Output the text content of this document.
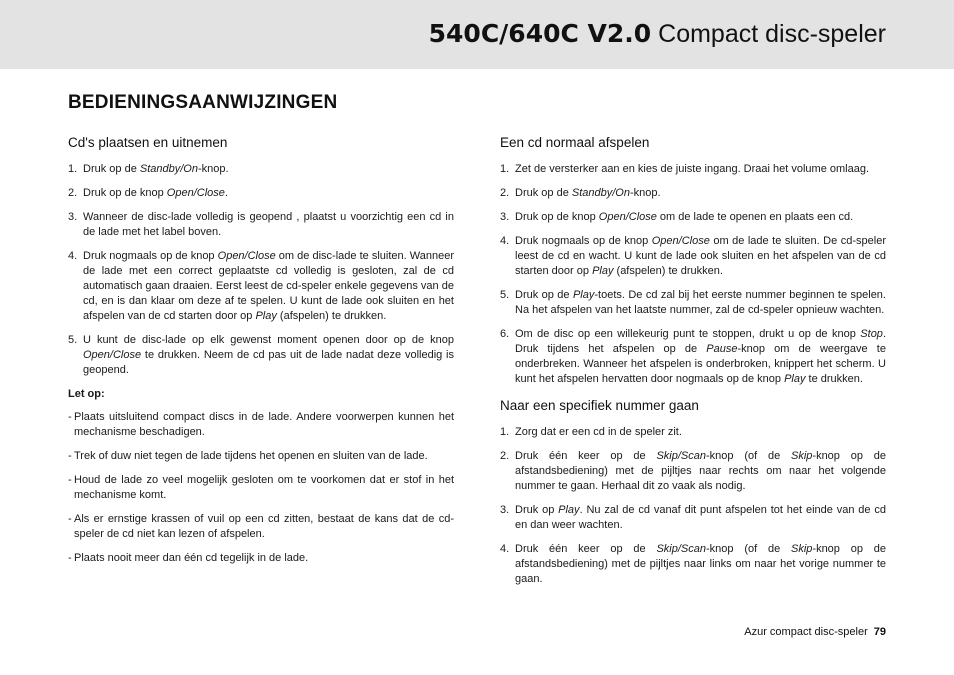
540C/640C V2.0 Compact disc-speler
BEDIENINGSAANWIJZINGEN
Cd's plaatsen en uitnemen
1. Druk op de Standby/On-knop.
2. Druk op de knop Open/Close.
3. Wanneer de disc-lade volledig is geopend , plaatst u voorzichtig een cd in de lade met het label boven.
4. Druk nogmaals op de knop Open/Close om de disc-lade te sluiten. Wanneer de lade met een correct geplaatste cd volledig is gesloten, zal de cd automatisch gaan draaien. Eerst leest de cd-speler enkele gegevens van de cd, en is dan klaar om deze af te spelen. U kunt de lade ook sluiten en het afspelen van de cd starten door op Play (afspelen) te drukken.
5. U kunt de disc-lade op elk gewenst moment openen door op de knop Open/Close te drukken. Neem de cd pas uit de lade nadat deze volledig is geopend.
Let op:
- Plaats uitsluitend compact discs in de lade. Andere voorwerpen kunnen het mechanisme beschadigen.
- Trek of duw niet tegen de lade tijdens het openen en sluiten van de lade.
- Houd de lade zo veel mogelijk gesloten om te voorkomen dat er stof in het mechanisme komt.
- Als er ernstige krassen of vuil op een cd zitten, bestaat de kans dat de cd-speler de cd niet kan lezen of afspelen.
- Plaats nooit meer dan één cd tegelijk in de lade.
Een cd normaal afspelen
1. Zet de versterker aan en kies de juiste ingang. Draai het volume omlaag.
2. Druk op de Standby/On-knop.
3. Druk op de knop Open/Close om de lade te openen en plaats een cd.
4. Druk nogmaals op de knop Open/Close om de lade te sluiten. De cd-speler leest de cd en wacht. U kunt de lade ook sluiten en het afspelen van de cd starten door op Play (afspelen) te drukken.
5. Druk op de Play-toets. De cd zal bij het eerste nummer beginnen te spelen. Na het afspelen van het laatste nummer, zal de cd-speler opnieuw wachten.
6. Om de disc op een willekeurig punt te stoppen, drukt u op de knop Stop. Druk tijdens het afspelen op de Pause-knop om de weergave te onderbreken. Wanneer het afspelen is onderbroken, knippert het scherm. U kunt het afspelen hervatten door nogmaals op de knop Play te drukken.
Naar een specifiek nummer gaan
1. Zorg dat er een cd in de speler zit.
2. Druk één keer op de Skip/Scan-knop (of de Skip-knop op de afstandsbediening) met de pijltjes naar rechts om naar het volgende nummer te gaan. Herhaal dit zo vaak als nodig.
3. Druk op Play. Nu zal de cd vanaf dit punt afspelen tot het einde van de cd en dan weer wachten.
4. Druk één keer op de Skip/Scan-knop (of de Skip-knop op de afstandsbediening) met de pijltjes naar links om naar het vorige nummer te gaan.
Azur compact disc-speler 79
